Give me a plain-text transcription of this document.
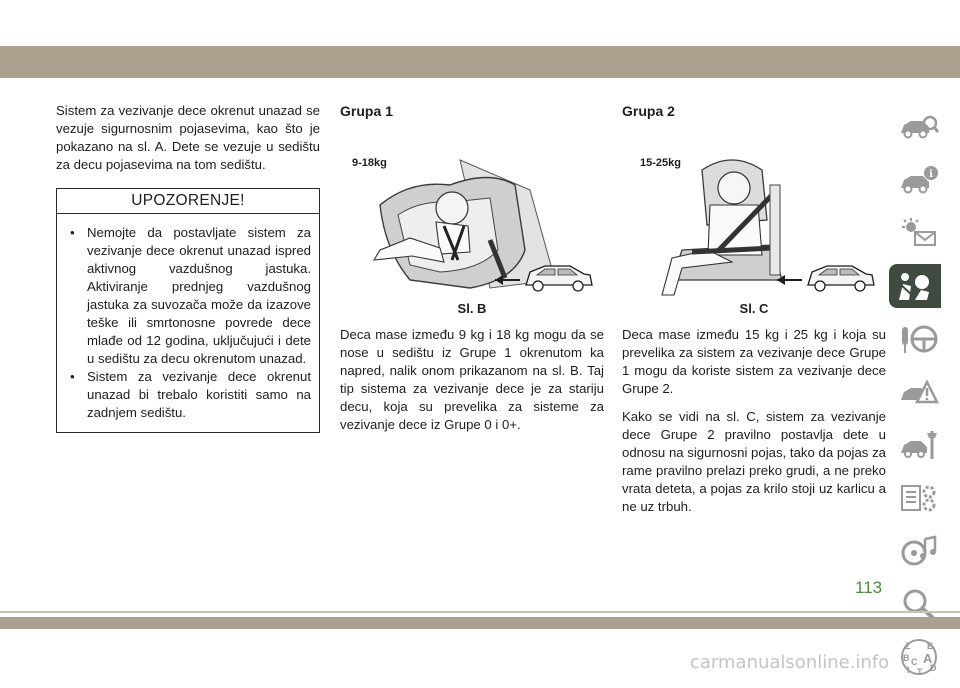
Sistem za vezivanje dece okrenut unazad se vezuje sigurnosnim pojasevima, kao što je pokazano na sl. A. Dete se vezuje u sedištu za decu pojasevima na tom sedištu.

UPOZORENJE!
• Nemojte da postavljate sistem za vezivanje dece okrenut unazad ispred aktivnog vazdušnog jastuka. Aktiviranje prednjeg vazdušnog jastuka za suvozača može da izazove teške ili smrtonosne povrede dece mlađe od 12 godina, uključujući i dete u sedištu za decu okrenutom unazad.
• Sistem za vezivanje dece okrenut unazad bi trebalo koristiti samo na zadnjem sedištu.
Grupa 1
9-18kg
Sl. B

Deca mase između 9 kg i 18 kg mogu da se nose u sedištu iz Grupe 1 okrenutom ka napred, nalik onom prikazanom na sl. B. Taj tip sistema za vezivanje dece je za stariju decu, koja su prevelika za sisteme za vezivanje dece iz Grupe 0 i 0+.

Grupa 2
15-25kg
Sl. C

Deca mase između 15 kg i 25 kg i koja su prevelika za sistem za vezivanje dece Grupe 1 mogu da koriste sistem za vezivanje dece Grupe 2.

Kako se vidi na sl. C, sistem za vezivanje dece Grupe 2 pravilno postavlja dete u odnosu na sigurnosni pojas, tako da pojas za rame pravilno prelazi preko grudi, a ne preko vrata deteta, a pojas za krilo stoji uz karlicu a ne uz trbuh.

i
Z E
B A
C
D
I T
113
carmanualsonline.info
